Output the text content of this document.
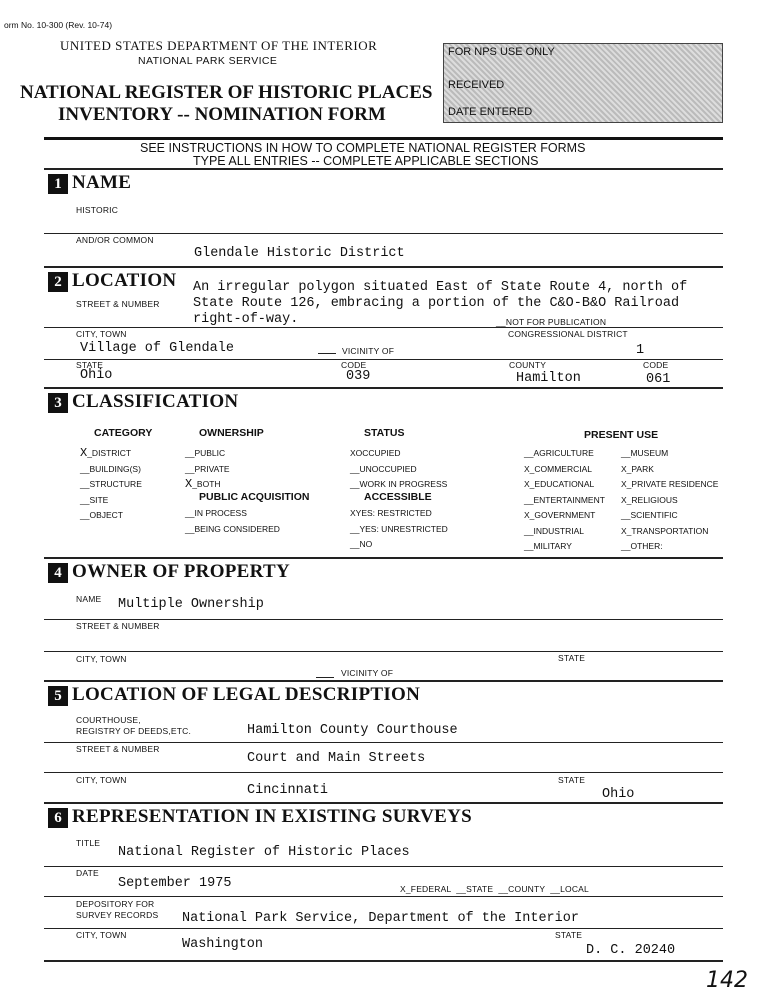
orm No. 10-300 (Rev. 10-74)
UNITED STATES DEPARTMENT OF THE INTERIOR
NATIONAL PARK SERVICE
NATIONAL REGISTER OF HISTORIC PLACES
INVENTORY -- NOMINATION FORM
FOR NPS USE ONLY
RECEIVED
DATE ENTERED
SEE INSTRUCTIONS IN HOW TO COMPLETE NATIONAL REGISTER FORMS
TYPE ALL ENTRIES -- COMPLETE APPLICABLE SECTIONS
1 NAME
HISTORIC
AND/OR COMMON
Glendale Historic District
2 LOCATION
STREET & NUMBER
An irregular polygon situated East of State Route 4, north of
State Route 126, embracing a portion of the C&O-B&O Railroad
right-of-way.	__NOT FOR PUBLICATION
CITY, TOWN	CONGRESSIONAL DISTRICT
Village of Glendale	VICINITY OF	1
STATE	CODE	COUNTY	CODE
Ohio	039	Hamilton	061
3 CLASSIFICATION
CATEGORY
X_DISTRICT
__BUILDING(S)
__STRUCTURE
__SITE
__OBJECT
OWNERSHIP
__PUBLIC
__PRIVATE
X_BOTH
PUBLIC ACQUISITION
__IN PROCESS
__BEING CONSIDERED
STATUS
XOCCUPIED
__UNOCCUPIED
__WORK IN PROGRESS
ACCESSIBLE
XYES: RESTRICTED
__YES: UNRESTRICTED
__NO
PRESENT USE
__AGRICULTURE
X_COMMERCIAL
X_EDUCATIONAL
__ENTERTAINMENT
X_GOVERNMENT
__INDUSTRIAL
__MILITARY
__MUSEUM
X_PARK
X_PRIVATE RESIDENCE
X_RELIGIOUS
__SCIENTIFIC
X_TRANSPORTATION
__OTHER:
4 OWNER OF PROPERTY
NAME Multiple Ownership
STREET & NUMBER
CITY, TOWN	STATE
VICINITY OF
5 LOCATION OF LEGAL DESCRIPTION
COURTHOUSE,
REGISTRY OF DEEDS,ETC.	Hamilton County Courthouse
STREET & NUMBER
Court and Main Streets
CITY, TOWN	STATE
Cincinnati	Ohio
6 REPRESENTATION IN EXISTING SURVEYS
TITLE
National Register of Historic Places
DATE
September 1975	X_FEDERAL  __STATE  __COUNTY  __LOCAL
DEPOSITORY FOR
SURVEY RECORDS National Park Service, Department of the Interior
CITY, TOWN	STATE
Washington	D. C. 20240
142
